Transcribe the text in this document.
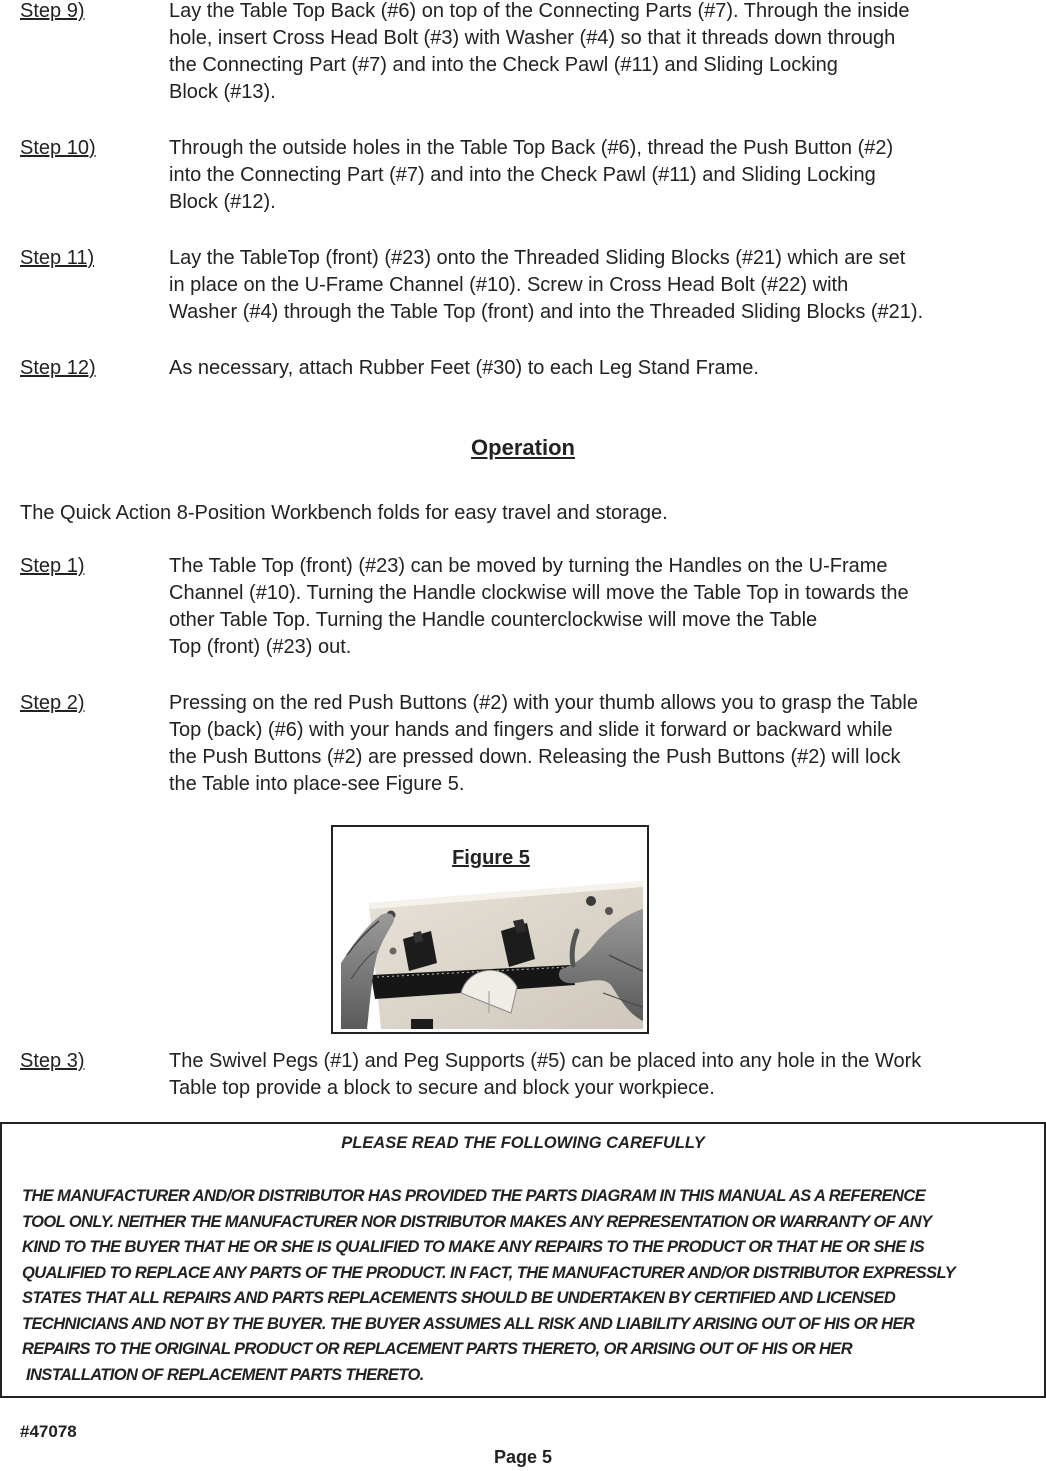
Step 9)	Lay the Table Top Back (#6) on top of the Connecting Parts (#7). Through the inside
hole, insert Cross Head Bolt (#3) with Washer (#4) so that it threads down through
the Connecting Part (#7) and into the Check Pawl (#11) and Sliding Locking
Block (#13).
Step 10)	Through the outside holes in the Table Top Back (#6), thread the Push Button (#2)
into the Connecting Part (#7) and into the Check Pawl (#11) and Sliding Locking
Block (#12).
Step 11)	Lay the TableTop (front) (#23) onto the Threaded Sliding Blocks (#21) which are set
in place on the U-Frame Channel (#10). Screw in Cross Head Bolt (#22) with
Washer (#4) through the Table Top (front) and into the Threaded Sliding Blocks (#21).
Step 12)	As necessary, attach Rubber Feet (#30) to each Leg Stand Frame.
Operation
The Quick Action 8-Position Workbench folds for easy travel and storage.
Step 1)	The Table Top (front) (#23) can be moved by turning the Handles on the U-Frame
Channel (#10). Turning the Handle clockwise will move the Table Top in towards the
other Table Top. Turning the Handle counterclockwise will move the Table
Top (front) (#23) out.
Step 2)	Pressing on the red Push Buttons (#2) with your thumb allows you to grasp the Table
Top (back) (#6) with your hands and fingers and slide it forward or backward while
the Push Buttons (#2) are pressed down. Releasing the Push Buttons (#2) will lock
the Table into place-see Figure 5.
Figure 5
Step 3)	The Swivel Pegs (#1) and Peg Supports (#5) can be placed into any hole in the Work
Table top provide a block to secure and block your workpiece.
PLEASE READ THE FOLLOWING CAREFULLY
THE MANUFACTURER AND/OR DISTRIBUTOR HAS PROVIDED THE PARTS DIAGRAM IN THIS MANUAL AS A REFERENCE
TOOL ONLY. NEITHER THE MANUFACTURER NOR DISTRIBUTOR MAKES ANY REPRESENTATION OR WARRANTY OF ANY
KIND TO THE BUYER THAT HE OR SHE IS QUALIFIED TO MAKE ANY REPAIRS TO THE PRODUCT OR THAT HE OR SHE IS
QUALIFIED TO REPLACE ANY PARTS OF THE PRODUCT. IN FACT, THE MANUFACTURER AND/OR DISTRIBUTOR EXPRESSLY
STATES THAT ALL REPAIRS AND PARTS REPLACEMENTS SHOULD BE UNDERTAKEN BY CERTIFIED AND LICENSED
TECHNICIANS AND NOT BY THE BUYER. THE BUYER ASSUMES ALL RISK AND LIABILITY ARISING OUT OF HIS OR HER
REPAIRS TO THE ORIGINAL PRODUCT OR REPLACEMENT PARTS THERETO, OR ARISING OUT OF HIS OR HER
INSTALLATION OF REPLACEMENT PARTS THERETO.
#47078
Page 5
